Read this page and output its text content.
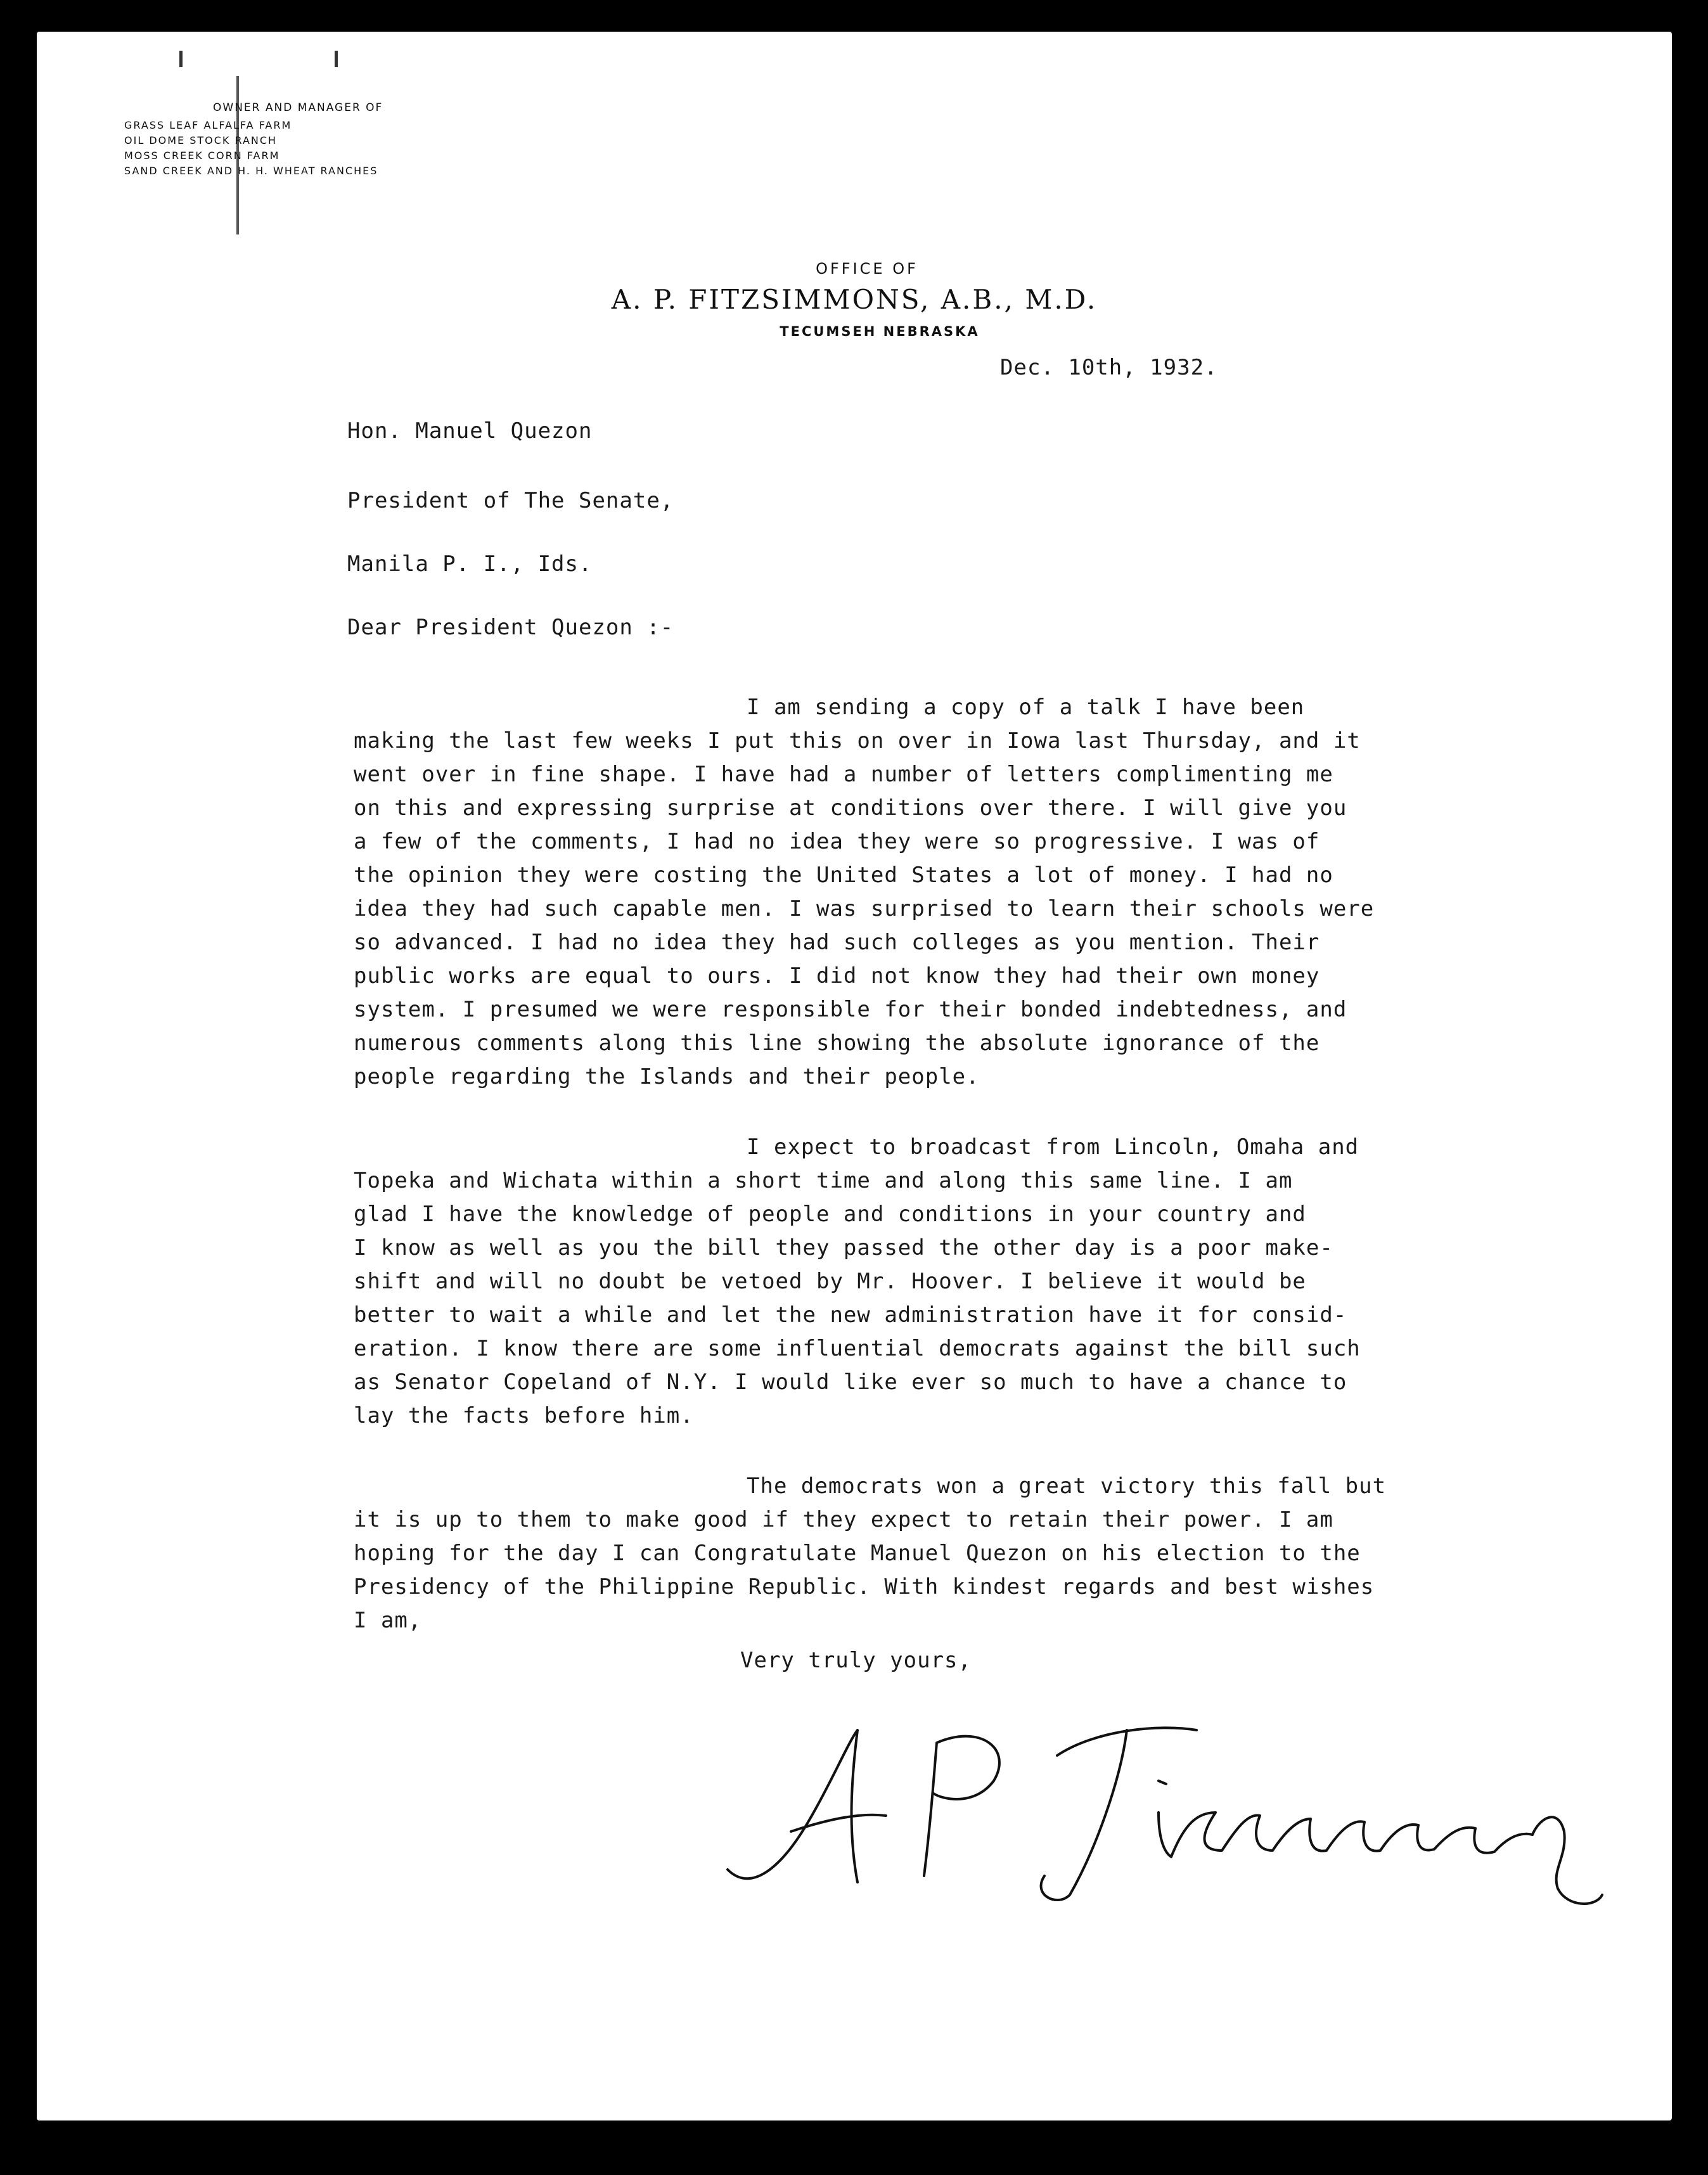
OWNER AND MANAGER OF

GRASS LEAF ALFALFA FARM

OIL DOME STOCK RANCH

MOSS CREEK CORN FARM

SAND CREEK AND H. H. WHEAT RANCHES

OFFICE OF
A. P. FITZSIMMONS, A.B., M.D.
TECUMSEH NEBRASKA
Dec. 10th, 1932.
Hon. Manuel Quezon
President of The Senate,
Manila P. I., Ids.
Dear President Quezon :-
I am sending a copy of a talk I have been
making the last few weeks I put this on over in Iowa last Thursday, and it
went over in fine shape. I have had a number of letters complimenting me
on this and expressing surprise at conditions over there. I will give you
a few of the comments, I had no idea they were so progressive. I was of
the opinion they were costing the United States a lot of money. I had no
idea they had such capable men. I was surprised to learn their schools were
so advanced. I had no idea they had such colleges as you mention. Their
public works are equal to ours. I did not know they had their own money
system. I presumed we were responsible for their bonded indebtedness, and
numerous comments along this line showing the absolute ignorance of the
people regarding the Islands and their people.
I expect to broadcast from Lincoln, Omaha and
Topeka and Wichata within a short time and along this same line. I am
glad I have the knowledge of people and conditions in your country and
I know as well as you the bill they passed the other day is a poor make-
shift and will no doubt be vetoed by Mr. Hoover. I believe it would be
better to wait a while and let the new administration have it for consid-
eration. I know there are some influential democrats against the bill such
as Senator Copeland of N.Y. I would like ever so much to have a chance to
lay the facts before him.
The democrats won a great victory this fall but
it is up to them to make good if they expect to retain their power. I am
hoping for the day I can Congratulate Manuel Quezon on his election to the
Presidency of the Philippine Republic. With kindest regards and best wishes
I am,
Very truly yours,
